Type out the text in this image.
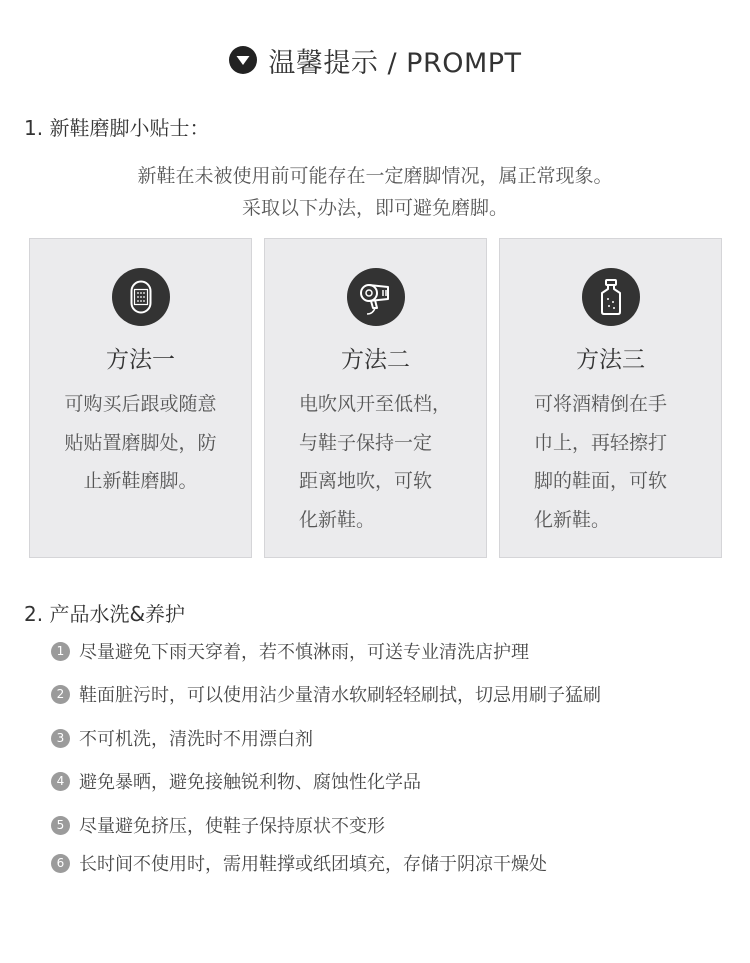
温馨提示 / PROMPT
1. 新鞋磨脚小贴士：
新鞋在未被使用前可能存在一定磨脚情况，属正常现象。
采取以下办法，即可避免磨脚。
方法一
可购买后跟或随意
贴贴置磨脚处，防
止新鞋磨脚。
方法二
电吹风开至低档，
与鞋子保持一定
距离地吹，可软
化新鞋。
方法三
可将酒精倒在手
巾上，再轻擦打
脚的鞋面，可软
化新鞋。
2. 产品水洗&养护
1 尽量避免下雨天穿着，若不慎淋雨，可送专业清洗店护理
2 鞋面脏污时，可以使用沾少量清水软刷轻轻刷拭，切忌用刷子猛刷
3 不可机洗，清洗时不用漂白剂
4 避免暴晒，避免接触锐利物、腐蚀性化学品
5 尽量避免挤压，使鞋子保持原状不变形
6 长时间不使用时，需用鞋撑或纸团填充，存储于阴凉干燥处
